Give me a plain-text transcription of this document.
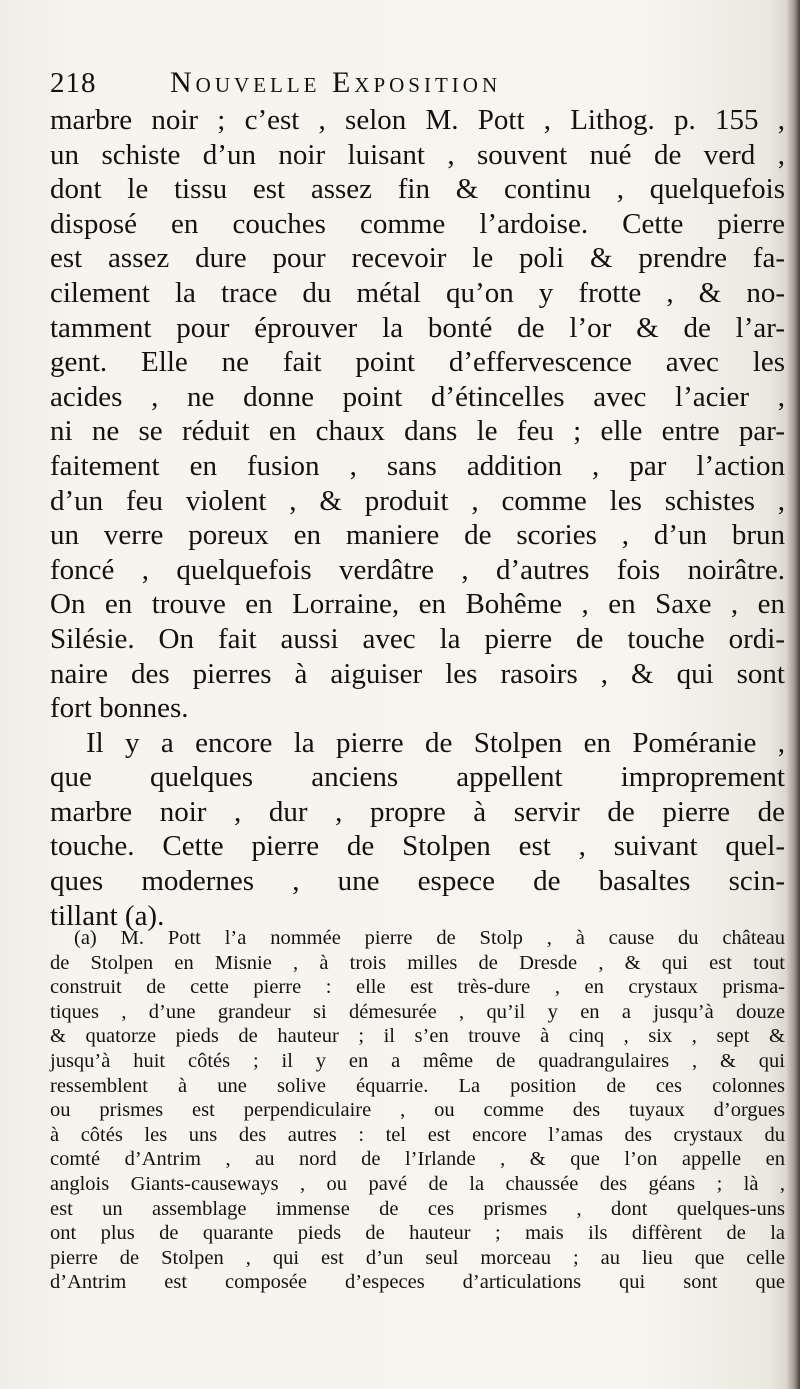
218	Nouvelle Exposition
marbre noir ; c’est , selon M. Pott , Lithog. p. 155 ,
un schiste d’un noir luisant , souvent nué de verd ,
dont le tissu est assez fin & continu , quelquefois
disposé en couches comme l’ardoise. Cette pierre
est assez dure pour recevoir le poli & prendre fa-
cilement la trace du métal qu’on y frotte , & no-
tamment pour éprouver la bonté de l’or & de l’ar-
gent. Elle ne fait point d’effervescence avec les
acides , ne donne point d’étincelles avec l’acier ,
ni ne se réduit en chaux dans le feu ; elle entre par-
faitement en fusion , sans addition , par l’action
d’un feu violent , & produit , comme les schistes ,
un verre poreux en maniere de scories , d’un brun
foncé , quelquefois verdâtre , d’autres fois noirâtre.
On en trouve en Lorraine, en Bohême , en Saxe , en
Silésie. On fait aussi avec la pierre de touche ordi-
naire des pierres à aiguiser les rasoirs , & qui sont
fort bonnes.
Il y a encore la pierre de Stolpen en Poméranie ,
que quelques anciens appellent improprement
marbre noir , dur , propre à servir de pierre de
touche. Cette pierre de Stolpen est , suivant quel-
ques modernes , une espece de basaltes scin-
tillant (a).
(a) M. Pott l’a nommée pierre de Stolp , à cause du château
de Stolpen en Misnie , à trois milles de Dresde , & qui est tout
construit de cette pierre : elle est très-dure , en crystaux prisma-
tiques , d’une grandeur si démesurée , qu’il y en a jusqu’à douze
& quatorze pieds de hauteur ; il s’en trouve à cinq , six , sept &
jusqu’à huit côtés ; il y en a même de quadrangulaires , & qui
ressemblent à une solive équarrie. La position de ces colonnes
ou prismes est perpendiculaire , ou comme des tuyaux d’orgues
à côtés les uns des autres : tel est encore l’amas des crystaux du
comté d’Antrim , au nord de l’Irlande , & que l’on appelle en
anglois Giants-causeways , ou pavé de la chaussée des géans ; là ,
est un assemblage immense de ces prismes , dont quelques-uns
ont plus de quarante pieds de hauteur ; mais ils diffèrent de la
pierre de Stolpen , qui est d’un seul morceau ; au lieu que celle
d’Antrim est composée d’especes d’articulations qui sont que
